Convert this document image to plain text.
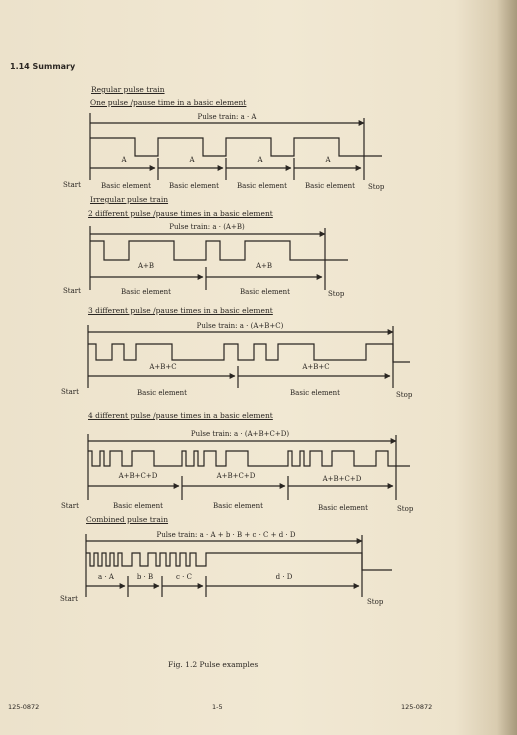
1.14 Summary
Regular pulse train
One pulse /pause time in a basic element
Pulse train: a · A
A	A	A	A
Start	Basic element	Basic element	Basic element	Basic element Stop
Irregular pulse train
2 different pulse /pause times in a basic element
Pulse train: a · (A+B)
A+B	A+B
Start	Basic element	Basic element	Stop
3 different pulse /pause times in a basic element
Pulse train: a · (A+B+C)
A+B+C	A+B+C
Start	Basic element	Basic element	Stop
4 different pulse /pause times in a basic element
Pulse train: a · (A+B+C+D)
A+B+C+D	A+B+C+D	A+B+C+D
Start	Basic element	Basic element	Basic element	Stop
Combined pulse train
Pulse train: a · A + b · B + c · C + d · D
a · A	b · B	c · C	d · D
Start	Stop
Fig. 1.2 Pulse examples
125-0872	1-5	125-0872
